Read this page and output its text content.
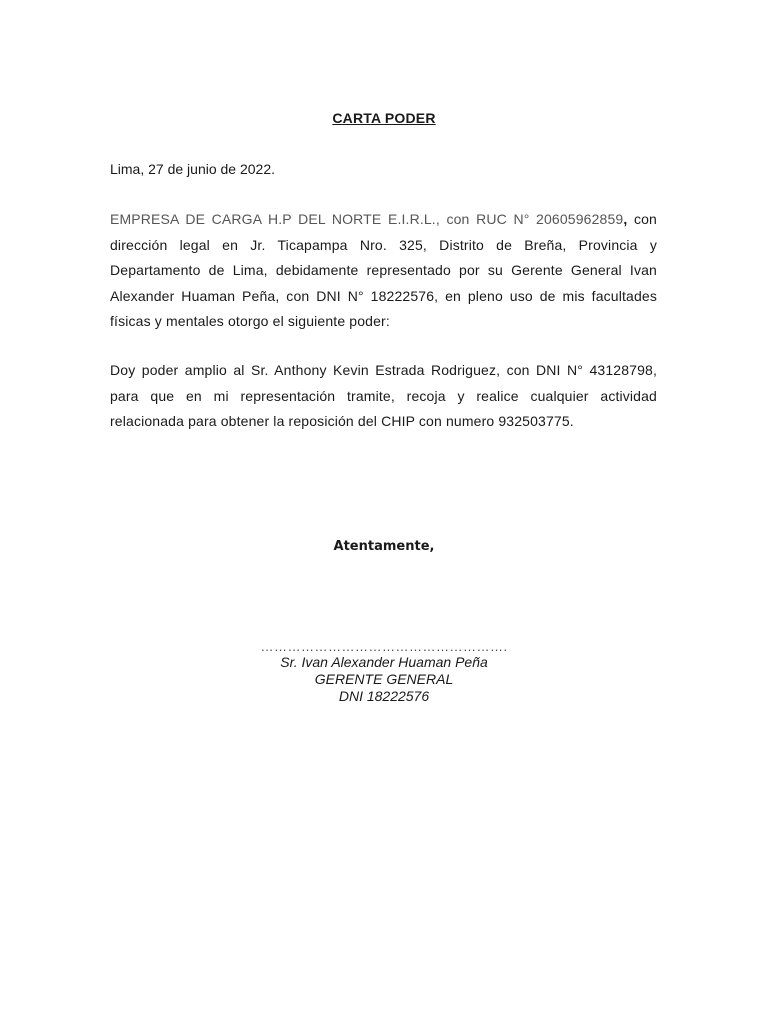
CARTA PODER
Lima, 27 de junio de 2022.
EMPRESA DE CARGA H.P DEL NORTE E.I.R.L., con RUC N° 20605962859, con dirección legal en Jr. Ticapampa Nro. 325, Distrito de Breña, Provincia y Departamento de Lima, debidamente representado por su Gerente General Ivan Alexander Huaman Peña, con DNI N° 18222576, en pleno uso de mis facultades físicas y mentales otorgo el siguiente poder:
Doy poder amplio al Sr. Anthony Kevin Estrada Rodriguez, con DNI N° 43128798, para que en mi representación tramite, recoja y realice cualquier actividad relacionada para obtener la reposición del CHIP con numero 932503775.
Atentamente,
……………………………………………….
Sr. Ivan Alexander Huaman Peña
GERENTE GENERAL
DNI 18222576
